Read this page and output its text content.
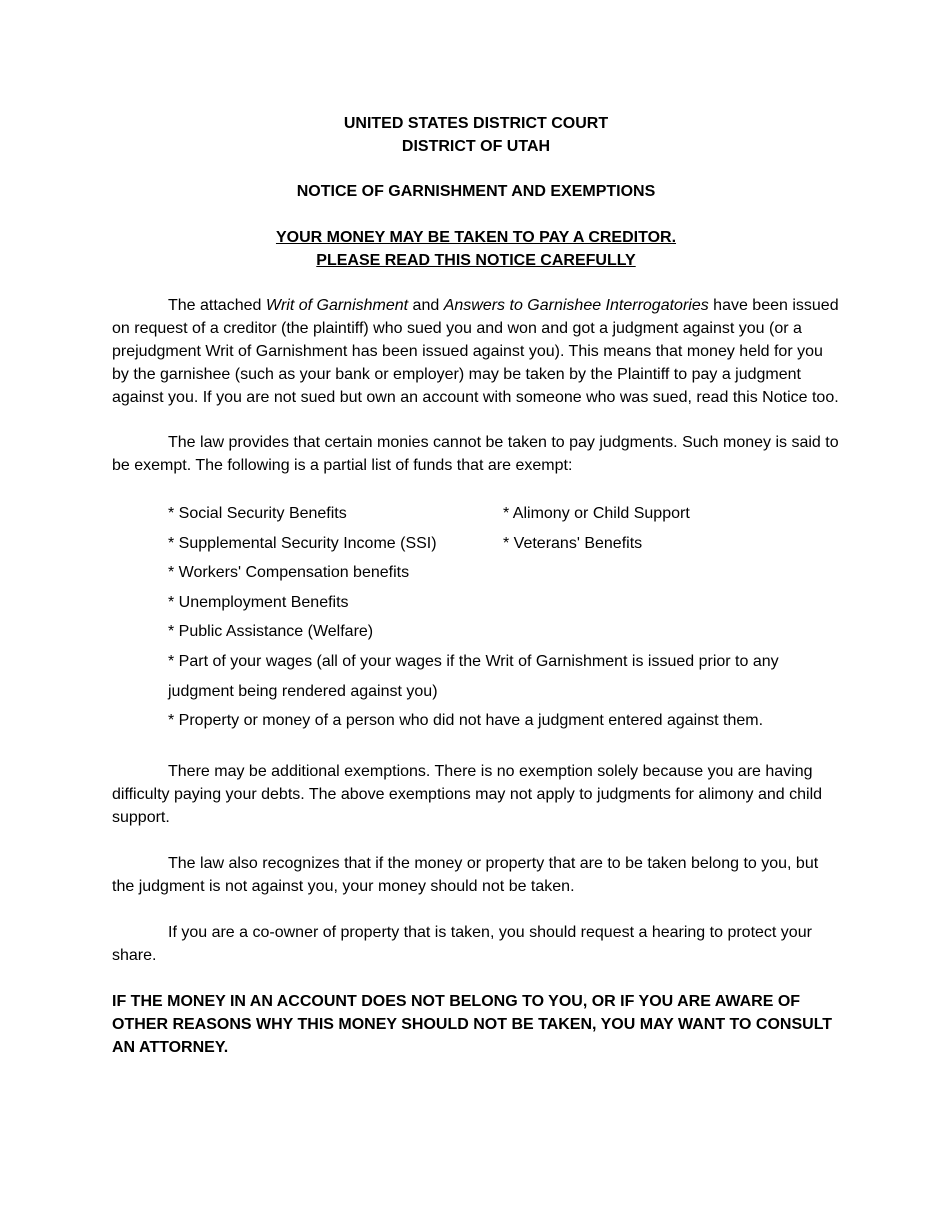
UNITED STATES DISTRICT COURT
DISTRICT OF UTAH
NOTICE OF GARNISHMENT AND EXEMPTIONS
YOUR MONEY MAY BE TAKEN TO PAY A CREDITOR.
PLEASE READ THIS NOTICE CAREFULLY

The attached Writ of Garnishment and Answers to Garnishee Interrogatories have been issued on request of a creditor (the plaintiff) who sued you and won and got a judgment against you (or a prejudgment Writ of Garnishment has been issued against you). This means that money held for you by the garnishee (such as your bank or employer) may be taken by the Plaintiff to pay a judgment against you. If you are not sued but own an account with someone who was sued, read this Notice too.

The law provides that certain monies cannot be taken to pay judgments. Such money is said to be exempt. The following is a partial list of funds that are exempt:

* Social Security Benefits	* Alimony or Child Support
* Supplemental Security Income (SSI)	* Veterans' Benefits
* Workers' Compensation benefits
* Unemployment Benefits
* Public Assistance (Welfare)
* Part of your wages (all of your wages if the Writ of Garnishment is issued prior to any judgment being rendered against you)
* Property or money of a person who did not have a judgment entered against them.

There may be additional exemptions. There is no exemption solely because you are having difficulty paying your debts. The above exemptions may not apply to judgments for alimony and child support.

The law also recognizes that if the money or property that are to be taken belong to you, but the judgment is not against you, your money should not be taken.

If you are a co-owner of property that is taken, you should request a hearing to protect your share.

IF THE MONEY IN AN ACCOUNT DOES NOT BELONG TO YOU, OR IF YOU ARE AWARE OF OTHER REASONS WHY THIS MONEY SHOULD NOT BE TAKEN, YOU MAY WANT TO CONSULT AN ATTORNEY.
